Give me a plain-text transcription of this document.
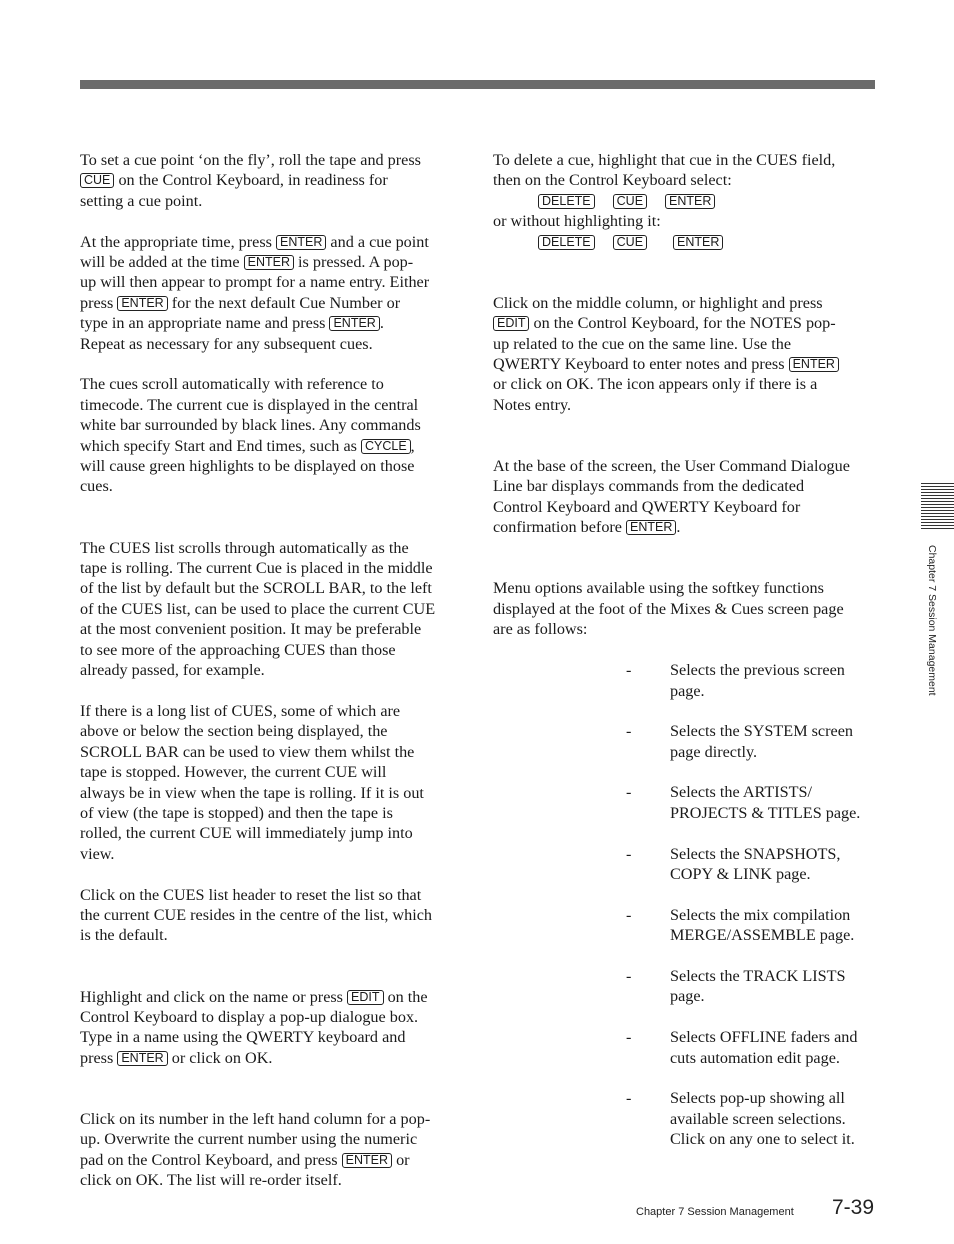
To set a cue point ‘on the fly’, roll the tape and press
CUE on the Control Keyboard, in readiness for
setting a cue point.
At the appropriate time, press ENTER and a cue point
will be added at the time ENTER is pressed. A pop-
up will then appear to prompt for a name entry. Either
press ENTER for the next default Cue Number or
type in an appropriate name and press ENTER .
Repeat as necessary for any subsequent cues.
The cues scroll automatically with reference to
timecode. The current cue is displayed in the central
white bar surrounded by black lines. Any commands
which specify Start and End times, such as CYCLE ,
will cause green highlights to be displayed on those
cues.
The CUES list scrolls through automatically as the
tape is rolling. The current Cue is placed in the middle
of the list by default but the SCROLL BAR, to the left
of the CUES list, can be used to place the current CUE
at the most convenient position. It may be preferable
to see more of the approaching CUES than those
already passed, for example.
If there is a long list of CUES, some of which are
above or below the section being displayed, the
SCROLL BAR can be used to view them whilst the
tape is stopped. However, the current CUE will
always be in view when the tape is rolling. If it is out
of view (the tape is stopped) and then the tape is
rolled, the current CUE will immediately jump into
view.
Click on the CUES list header to reset the list so that
the current CUE resides in the centre of the list, which
is the default.
Highlight and click on the name or press EDIT on the
Control Keyboard to display a pop-up dialogue box.
Type in a name using the QWERTY keyboard and
press ENTER or click on OK.
Click on its number in the left hand column for a pop-
up. Overwrite the current number using the numeric
pad on the Control Keyboard, and press ENTER or
click on OK. The list will re-order itself.
To delete a cue, highlight that cue in the CUES field,
then on the Control Keyboard select:
DELETE CUE ENTER
or without highlighting it:
DELETE CUE	ENTER
Click on the middle column, or highlight and press
EDIT on the Control Keyboard, for the NOTES pop-
up related to the cue on the same line. Use the
QWERTY Keyboard to enter notes and press ENTER
or click on OK. The icon appears only if there is a
Notes entry.
At the base of the screen, the User Command Dialogue
Line bar displays commands from the dedicated
Control Keyboard and QWERTY Keyboard for
confirmation before ENTER .
Menu options available using the softkey functions
displayed at the foot of the Mixes & Cues screen page
are as follows:
- Selects the previous screen
page.
- Selects the SYSTEM screen
page directly.
- Selects the ARTISTS/
PROJECTS & TITLES page.
- Selects the SNAPSHOTS,
COPY & LINK page.
- Selects the mix compilation
MERGE/ASSEMBLE page.
- Selects the TRACK LISTS
page.
- Selects OFFLINE faders and
cuts automation edit page.
- Selects pop-up showing all
available screen selections.
Click on any one to select it.
Chapter 7 Session Management
Chapter 7 Session Management 7-39
